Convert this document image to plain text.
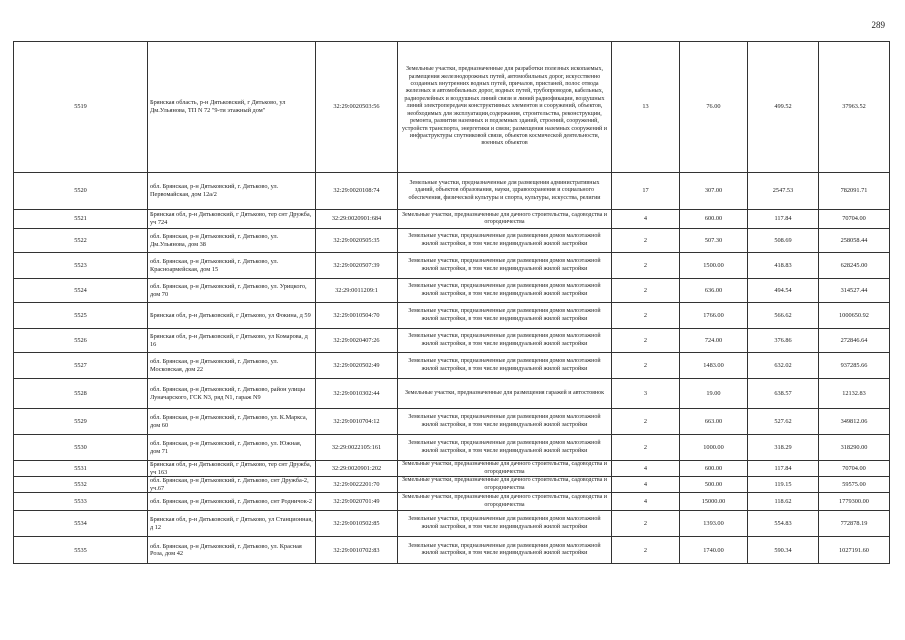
289
5519	Брянская область, р-н Дятьковский, г Дятьково, ул Дм.Ульянова, ТП N 72 "9-ти этажный дом"	32:29:0020503:56	Земельные участки, предназначенные для разработки полезных ископаемых, размещения железнодорожных путей, автомобильных дорог, искусственно созданных внутренних водных путей, причалов, пристаней, полос отвода железных и автомобильных дорог, водных путей, трубопроводов, кабельных, радиорелейных и воздушных линий связи и линий радиофикации, воздушных линий электропередачи конструктивных элементов и сооружений, объектов, необходимых для эксплуатации,содержания, строительства, реконструкции, ремонта, развития наземных и подземных зданий, строений, сооружений, устройств транспорта, энергетики и связи; размещения наземных сооружений и инфраструктуры спутниковой связи, объектов космической деятельности, военных объектов	13	76.00	499.52	37963.52
5520	обл. Брянская, р-н Дятьковский, г. Дятьково, ул. Первомайская, дом 12а/2	32:29:0020108:74	Земельные участки, предназначенные для размещения административных зданий, объектов образования, науки, здравоохранения и социального обеспечения, физической культуры и спорта, культуры, искусства, религии	17	307.00	2547.53	782091.71
5521	Брянская обл, р-н Дятьковский, г Дятьково, тер снт Дружба, уч 724	32:29:0020901:684	Земельные участки, предназначенные для дачного строительства, садоводства и огородничества	4	600.00	117.84	70704.00
5522	обл. Брянская, р-н Дятьковский, г. Дятьково, ул. Дм.Ульянова, дом 38	32:29:0020505:35	Земельные участки, предназначенные для размещения домов малоэтажной жилой застройки, в том числе индивидуальной жилой застройки	2	507.30	508.69	258058.44
5523	обл. Брянская, р-н Дятьковский, г. Дятьково, ул. Красноармейская, дом 15	32:29:0020507:39	Земельные участки, предназначенные для размещения домов малоэтажной жилой застройки, в том числе индивидуальной жилой застройки	2	1500.00	418.83	628245.00
5524	обл. Брянская, р-н Дятьковский, г. Дятьково, ул. Урицкого, дом 70	32:29:0011209:1	Земельные участки, предназначенные для размещения домов малоэтажной жилой застройки, в том числе индивидуальной жилой застройки	2	636.00	494.54	314527.44
5525	Брянская обл, р-н Дятьковский, г Дятьково, ул Фокина, д 59	32:29:0010504:70	Земельные участки, предназначенные для размещения домов малоэтажной жилой застройки, в том числе индивидуальной жилой застройки	2	1766.00	566.62	1000650.92
5526	Брянская обл, р-н Дятьковский, г Дятьково, ул Комарова, д 16	32:29:0020407:26	Земельные участки, предназначенные для размещения домов малоэтажной жилой застройки, в том числе индивидуальной жилой застройки	2	724.00	376.86	272846.64
5527	обл. Брянская, р-н Дятьковский, г. Дятьково, ул. Московская, дом 22	32:29:0020502:49	Земельные участки, предназначенные для размещения домов малоэтажной жилой застройки, в том числе индивидуальной жилой застройки	2	1483.00	632.02	937285.66
5528	обл. Брянская, р-н Дятьковский, г. Дятьково, район улицы Луначарского, ГСК N3, ряд N1, гараж N9	32:29:0010302:44	Земельные участки, предназначенные для размещения гаражей и автостоянок	3	19.00	638.57	12132.83
5529	обл. Брянская, р-н Дятьковский, г. Дятьково, ул. К.Маркса, дом 60	32:29:0010704:12	Земельные участки, предназначенные для размещения домов малоэтажной жилой застройки, в том числе индивидуальной жилой застройки	2	663.00	527.62	349812.06
5530	обл. Брянская, р-н Дятьковский, г. Дятьково, ул. Южная, дом 71	32:29:0022105:161	Земельные участки, предназначенные для размещения домов малоэтажной жилой застройки, в том числе индивидуальной жилой застройки	2	1000.00	318.29	318290.00
5531	Брянская обл, р-н Дятьковский, г Дятьково, тер снт Дружба, уч 163	32:29:0020901:202	Земельные участки, предназначенные для дачного строительства, садоводства и огородничества	4	600.00	117.84	70704.00
5532	обл. Брянская, р-н Дятьковский, г. Дятьково, снт Дружба-2, уч.67	32:29:0022201:70	Земельные участки, предназначенные для дачного строительства, садоводства и огородничества	4	500.00	119.15	59575.00
5533	обл. Брянская, р-н Дятьковский, г. Дятьково, снт Родничок-2	32:29:0020701:49	Земельные участки, предназначенные для дачного строительства, садоводства и огородничества	4	15000.00	118.62	1779300.00
5534	Брянская обл, р-н Дятьковский, г Дятьково, ул Станционная, д 12	32:29:0010502:85	Земельные участки, предназначенные для размещения домов малоэтажной жилой застройки, в том числе индивидуальной жилой застройки	2	1393.00	554.83	772878.19
5535	обл. Брянская, р-н Дятьковский, г. Дятьково, ул. Красная Роза, дом 42	32:29:0010702:83	Земельные участки, предназначенные для размещения домов малоэтажной жилой застройки, в том числе индивидуальной жилой застройки	2	1740.00	590.34	1027191.60
